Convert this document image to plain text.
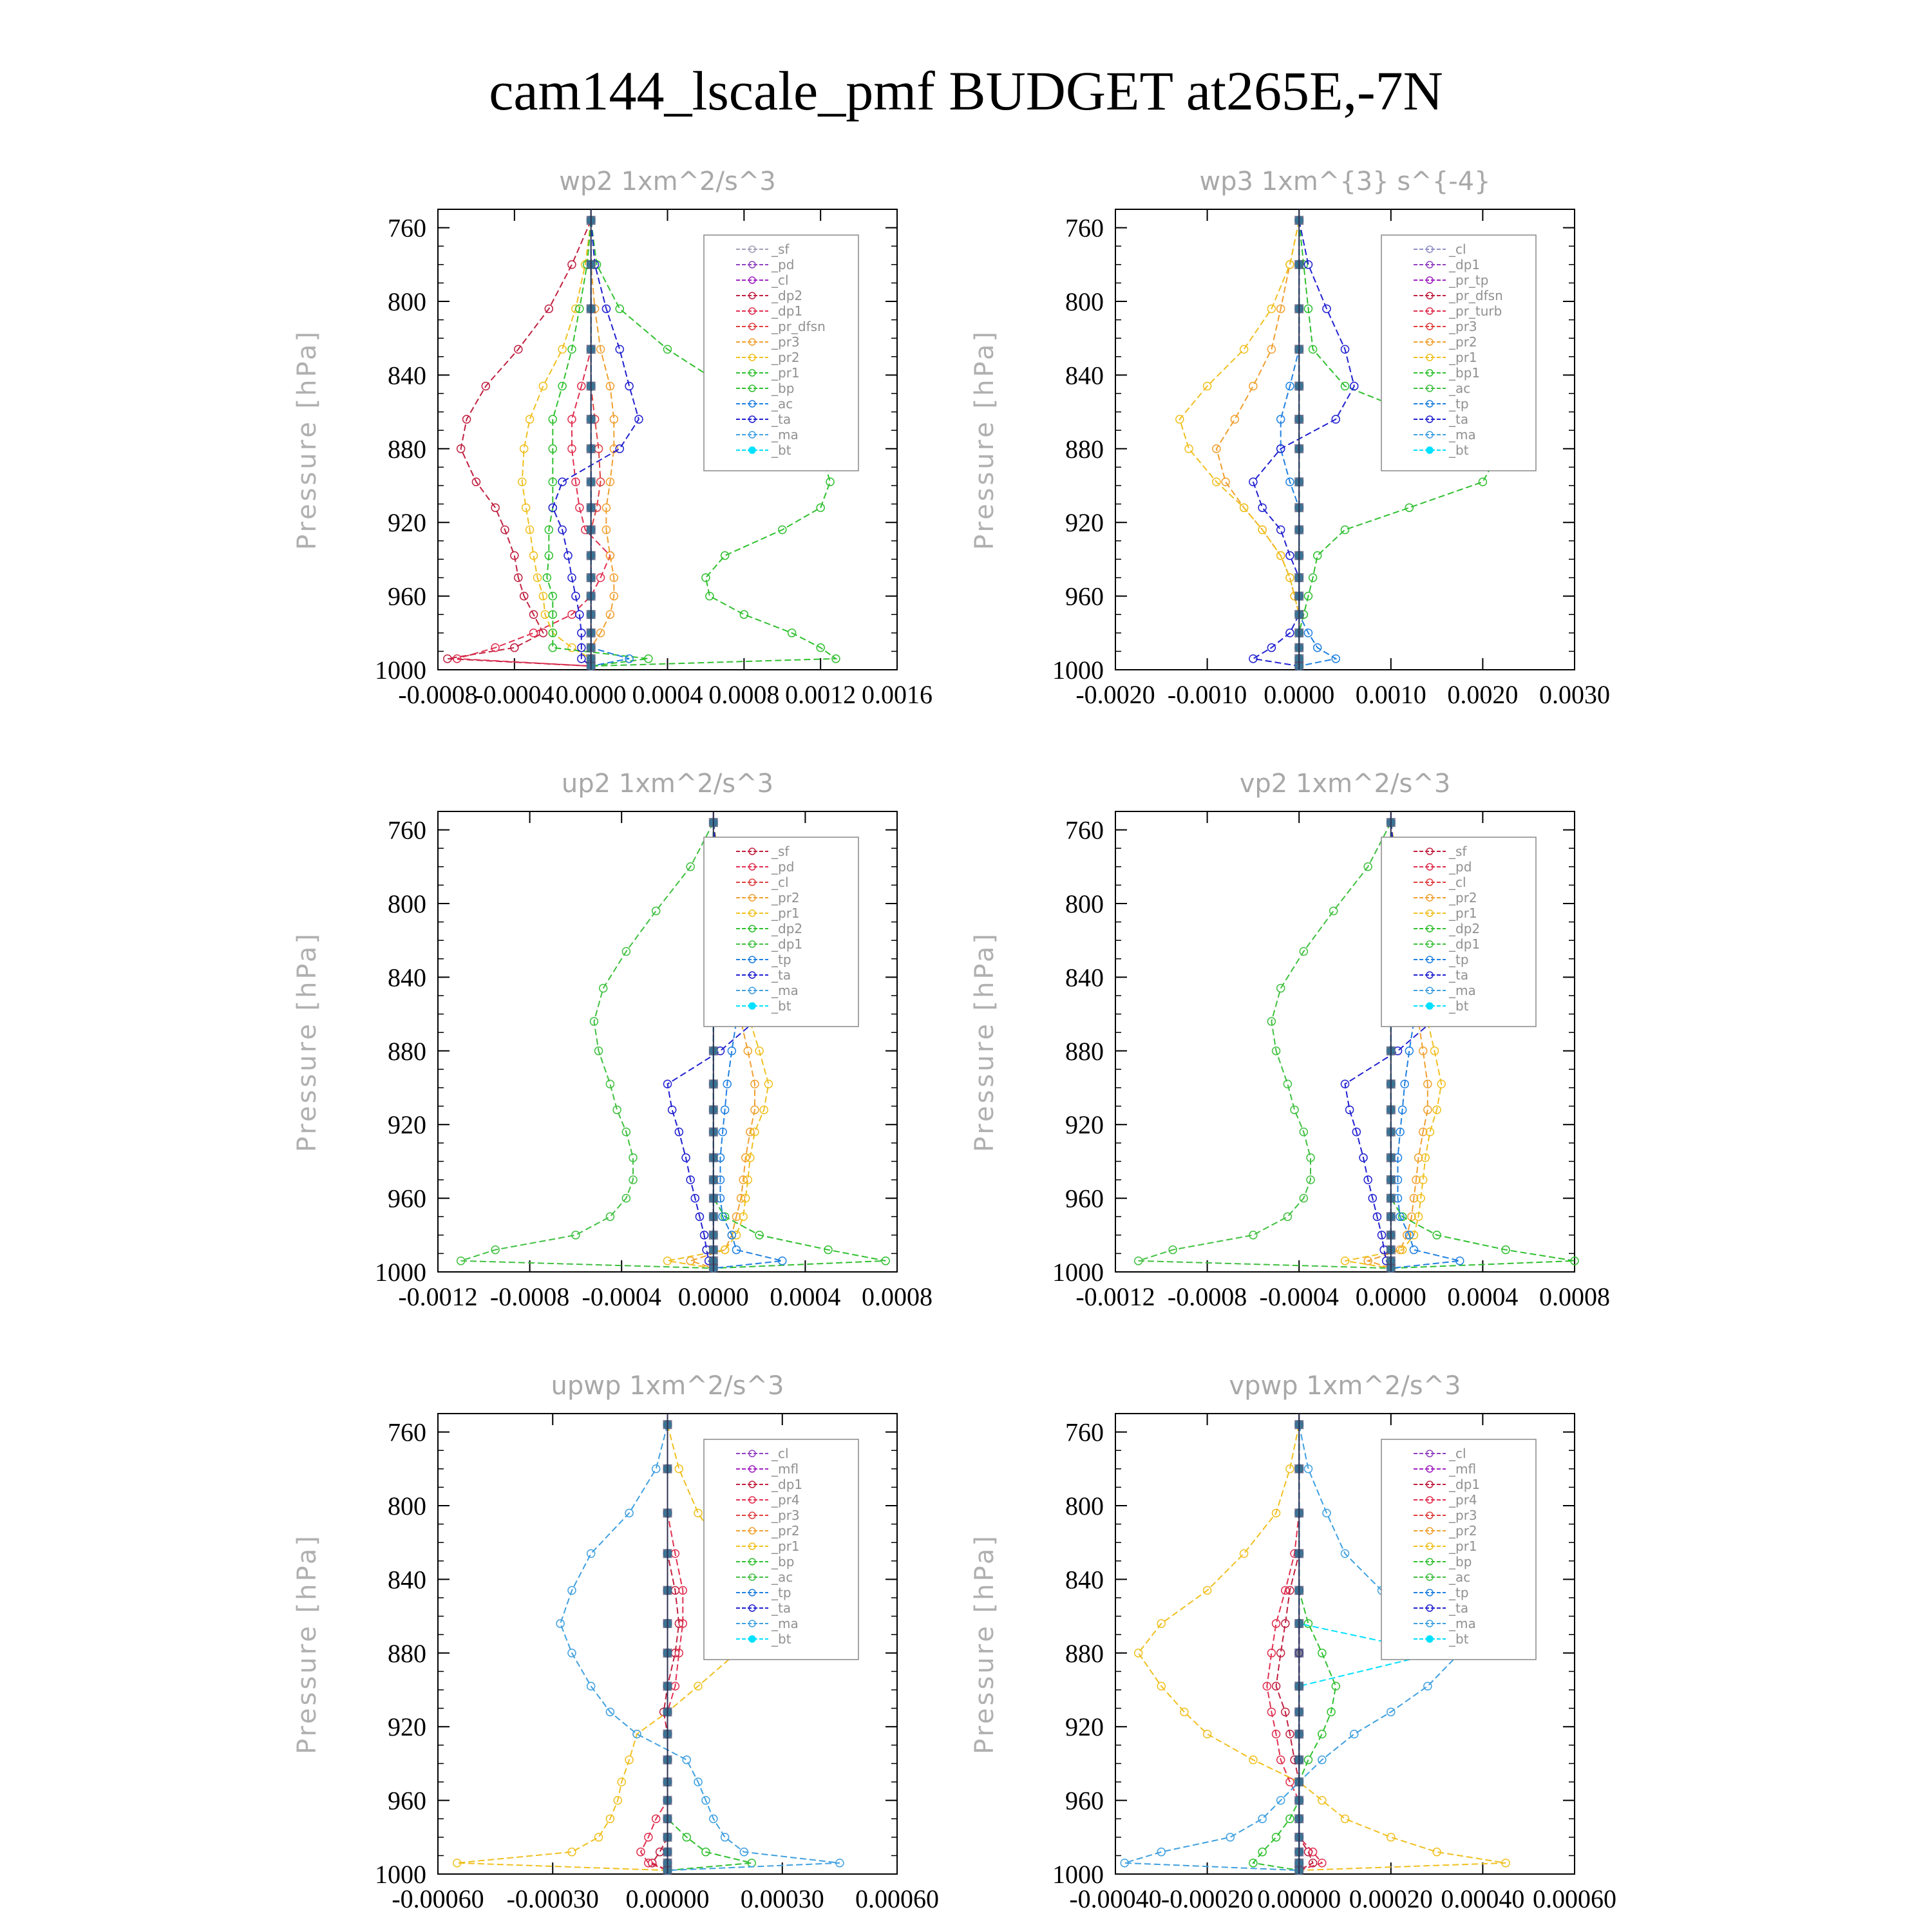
cam144_lscale_pmf BUDGET at265E,-7N
wp2 1xm^2/s^3
Pressure [hPa]
760
800
840
880
920
960
1000
-0.0008
-0.0004 0.0000 0.0004 0.0008 0.0012 0.0016
_sf
_pd
_cl
_dp2
_dp1
_pr_dfsn
_pr3
_pr2
_pr1
_bp
_ac
_ta
_ma
_bt
wp3 1xm^{3} s^{-4}
Pressure [hPa]
760
800
840
880
920
960
1000
-0.0020 -0.0010 0.0000 0.0010 0.0020 0.0030
_cl
_dp1
_pr_tp
_pr_dfsn
_pr_turb
_pr3
_pr2
_pr1
_bp1
_ac
_tp
_ta
_ma
_bt
up2 1xm^2/s^3
Pressure [hPa]
760
800
840
880
920
960
1000
-0.0012 -0.0008 -0.0004 0.0000 0.0004 0.0008
_sf
_pd
_cl
_pr2
_pr1
_dp2
_dp1
_tp
_ta
_ma
_bt
vp2 1xm^2/s^3
Pressure [hPa]
760
800
840
880
920
960
1000
-0.0012 -0.0008 -0.0004 0.0000 0.0004 0.0008
_sf
_pd
_cl
_pr2
_pr1
_dp2
_dp1
_tp
_ta
_ma
_bt
upwp 1xm^2/s^3
Pressure [hPa]
760
800
840
880
920
960
1000
-0.00060 -0.00030 0.00000 0.00030 0.00060
_cl
_mfl
_dp1
_pr4
_pr3
_pr2
_pr1
_bp
_ac
_tp
_ta
_ma
_bt
vpwp 1xm^2/s^3
Pressure [hPa]
760
800
840
880
920
960
1000
-0.00040 -0.00020 0.00000 0.00020 0.00040 0.00060
_cl
_mfl
_dp1
_pr4
_pr3
_pr2
_pr1
_bp
_ac
_tp
_ta
_ma
_bt
